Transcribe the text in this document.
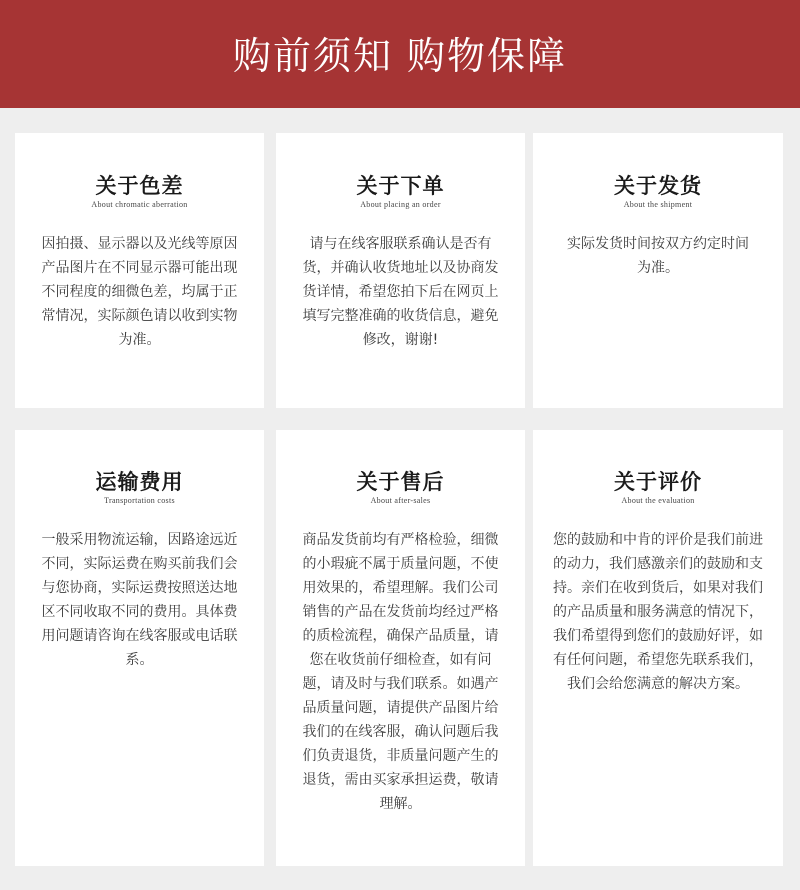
购前须知 购物保障
关于色差
About chromatic aberration
因拍摄、显示器以及光线等原因产品图片在不同显示器可能出现不同程度的细微色差，均属于正常情况，实际颜色请以收到实物为准。
关于下单
About placing an order
请与在线客服联系确认是否有货，并确认收货地址以及协商发货详情，希望您拍下后在网页上填写完整准确的收货信息，避免修改，谢谢!
关于发货
About the shipment
实际发货时间按双方约定时间为准。
运输费用
Transportation costs
一般采用物流运输，因路途远近不同，实际运费在购买前我们会与您协商，实际运费按照送达地区不同收取不同的费用。具体费用问题请咨询在线客服或电话联系。
关于售后
About after-sales
商品发货前均有严格检验，细微的小瑕疵不属于质量问题，不使用效果的，希望理解。我们公司销售的产品在发货前均经过严格的质检流程，确保产品质量，请您在收货前仔细检查，如有问题，请及时与我们联系。如遇产品质量问题，请提供产品图片给我们的在线客服，确认问题后我们负责退货，非质量问题产生的退货，需由买家承担运费，敬请理解。
关于评价
About the evaluation
您的鼓励和中肯的评价是我们前进的动力，我们感激亲们的鼓励和支持。亲们在收到货后，如果对我们的产品质量和服务满意的情况下，我们希望得到您们的鼓励好评，如有任何问题，希望您先联系我们，我们会给您满意的解决方案。
